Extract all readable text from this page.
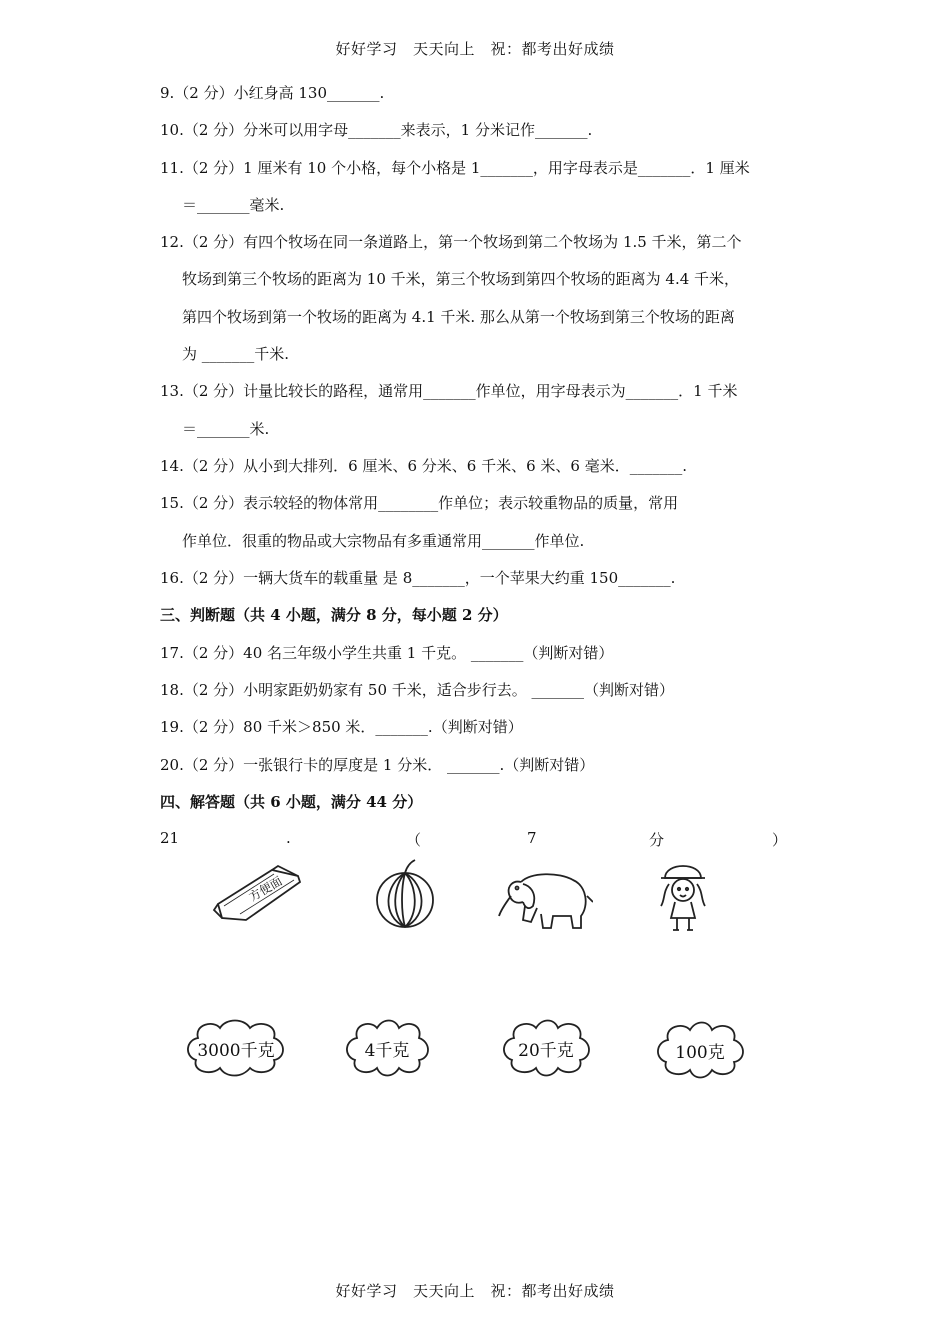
好好学习　天天向上　祝：都考出好成绩
9.（2 分）小红身高 130_______.
10.（2 分）分米可以用字母_______来表示，1 分米记作_______.
11.（2 分）1 厘米有 10 个小格，每个小格是 1_______，用字母表示是_______．1 厘米
＝_______毫米.
12.（2 分）有四个牧场在同一条道路上，第一个牧场到第二个牧场为 1.5 千米，第二个
牧场到第三个牧场的距离为 10 千米，第三个牧场到第四个牧场的距离为 4.4 千米，
第四个牧场到第一个牧场的距离为 4.1 千米. 那么从第一个牧场到第三个牧场的距离
为 _______千米.
13.（2 分）计量比较长的路程，通常用_______作单位，用字母表示为_______．1 千米
＝_______米.
14.（2 分）从小到大排列．6 厘米、6 分米、6 千米、6 米、6 毫米．_______.
15.（2 分）表示较轻的物体常用________作单位；表示较重物品的质量，常用
作单位．很重的物品或大宗物品有多重通常用_______作单位.
16.（2 分）一辆大货车的载重量 是 8_______，一个苹果大约重 150_______.
三、判断题（共 4 小题，满分 8 分，每小题 2 分）
17.（2 分）40 名三年级小学生共重 1 千克。 _______（判断对错）
18.（2 分）小明家距奶奶家有 50 千米，适合步行去。 _______（判断对错）
19.（2 分）80 千米＞850 米．_______.（判断对错）
20.（2 分）一张银行卡的厚度是 1 分米． _______.（判断对错）
四、解答题（共 6 小题，满分 44 分）
21	.	（	7	分	）
方便面
3000千克	4千克	20千克	100克
好好学习　天天向上　祝：都考出好成绩
